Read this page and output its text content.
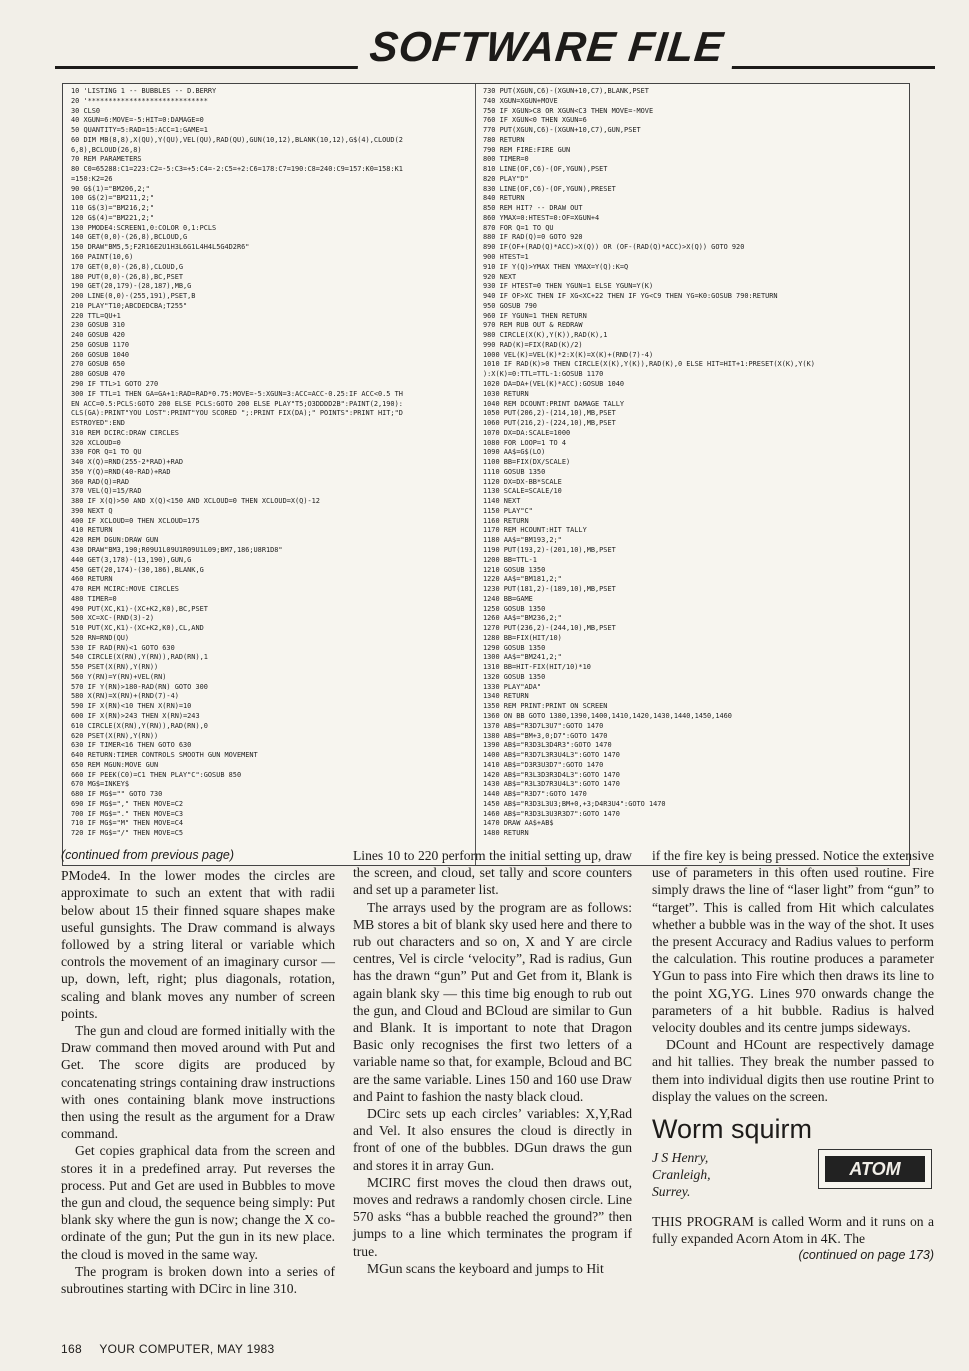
SOFTWARE FILE
10 'LISTING 1 -- BUBBLES -- D.BERRY
20 '*****************************
30 CLS0
40 XGUN=6:MOVE=-5:HIT=0:DAMAGE=0
50 QUANTITY=5:RAD=15:ACC=1:GAME=1
60 DIM MB(8,8),X(QU),Y(QU),VEL(QU),RAD(QU),GUN(10,12),BLANK(10,12),G$(4),CLOUD(2
6,8),BCLOUD(26,8)
70 REM PARAMETERS
80 C0=65288:C1=223:C2=-5:C3=+5:C4=-2:C5=+2:C6=178:C7=190:C8=240:C9=157:K0=158:K1
=150:K2=26
90 G$(1)="BM206,2;"
100 G$(2)="BM211,2;"
110 G$(3)="BM216,2;"
120 G$(4)="BM221,2;"
130 PMODE4:SCREEN1,0:COLOR 0,1:PCLS
140 GET(0,0)-(26,8),BCLOUD,G
150 DRAW"BM5,5;F2R16E2U1H3L6G1L4H4L5G4D2R6"
160 PAINT(10,6)
170 GET(0,0)-(26,8),CLOUD,G
180 PUT(0,0)-(26,8),BC,PSET
190 GET(20,179)-(28,187),MB,G
200 LINE(0,0)-(255,191),PSET,B
210 PLAY"T10;ABCDEDCBA;T255"
220 TTL=QU+1
230 GOSUB 310
240 GOSUB 420
250 GOSUB 1170
260 GOSUB 1040
270 GOSUB 650
280 GOSUB 470
290 IF TTL>1 GOTO 270
300 IF TTL=1 THEN GA=GA+1:RAD=RAD*0.75:MOVE=-5:XGUN=3:ACC=ACC-0.25:IF ACC<0.5 TH
EN ACC=0.5:PCLS:GOTO 200 ELSE PCLS:GOTO 200 ELSE PLAY"T5;O3DDDD2B":PAINT(2,190):
CLS(GA):PRINT"YOU LOST":PRINT"YOU SCORED ";:PRINT FIX(DA);" POINTS":PRINT HIT;"D
ESTROYED":END
310 REM DCIRC:DRAW CIRCLES
320 XCLOUD=0
330 FOR Q=1 TO QU
340 X(Q)=RND(255-2*RAD)+RAD
350 Y(Q)=RND(40-RAD)+RAD
360 RAD(Q)=RAD
370 VEL(Q)=15/RAD
380 IF X(Q)>50 AND X(Q)<150 AND XCLOUD=0 THEN XCLOUD=X(Q)-12
390 NEXT Q
400 IF XCLOUD=0 THEN XCLOUD=175
410 RETURN
420 REM DGUN:DRAW GUN
430 DRAW"BM3,190;R09U1L09U1R09U1L09;BM7,186;U8R1D8"
440 GET(3,178)-(13,190),GUN,G
450 GET(20,174)-(30,186),BLANK,G
460 RETURN
470 REM MCIRC:MOVE CIRCLES
480 TIMER=0
490 PUT(XC,K1)-(XC+K2,K0),BC,PSET
500 XC=XC-(RND(3)-2)
510 PUT(XC,K1)-(XC+K2,K0),CL,AND
520 RN=RND(QU)
530 IF RAD(RN)<1 GOTO 630
540 CIRCLE(X(RN),Y(RN)),RAD(RN),1
550 PSET(X(RN),Y(RN))
560 Y(RN)=Y(RN)+VEL(RN)
570 IF Y(RN)>180-RAD(RN) GOTO 300
580 X(RN)=X(RN)+(RND(7)-4)
590 IF X(RN)<10 THEN X(RN)=10
600 IF X(RN)>243 THEN X(RN)=243
610 CIRCLE(X(RN),Y(RN)),RAD(RN),0
620 PSET(X(RN),Y(RN))
630 IF TIMER<16 THEN GOTO 630
640 RETURN:TIMER CONTROLS SMOOTH GUN MOVEMENT
650 REM MGUN:MOVE GUN
660 IF PEEK(C0)=C1 THEN PLAY"C":GOSUB 850
670 MG$=INKEY$
680 IF MG$="" GOTO 730
690 IF MG$="," THEN MOVE=C2
700 IF MG$="." THEN MOVE=C3
710 IF MG$="M" THEN MOVE=C4
720 IF MG$="/" THEN MOVE=C5
730 PUT(XGUN,C6)-(XGUN+10,C7),BLANK,PSET
740 XGUN=XGUN+MOVE
750 IF XGUN>C8 OR XGUN<C3 THEN MOVE=-MOVE
760 IF XGUN<0 THEN XGUN=6
770 PUT(XGUN,C6)-(XGUN+10,C7),GUN,PSET
780 RETURN
790 REM FIRE:FIRE GUN
800 TIMER=0
810 LINE(OF,C6)-(OF,YGUN),PSET
820 PLAY"D"
830 LINE(OF,C6)-(OF,YGUN),PRESET
840 RETURN
850 REM HIT? -- DRAW OUT
860 YMAX=0:HTEST=0:OF=XGUN+4
870 FOR Q=1 TO QU
880 IF RAD(Q)=0 GOTO 920
890 IF(OF+(RAD(Q)*ACC)>X(Q)) OR (OF-(RAD(Q)*ACC)>X(Q)) GOTO 920
900 HTEST=1
910 IF Y(Q)>YMAX THEN YMAX=Y(Q):K=Q
920 NEXT
930 IF HTEST=0 THEN YGUN=1 ELSE YGUN=Y(K)
940 IF OF>XC THEN IF XG<XC+22 THEN IF YG<C9 THEN YG=K0:GOSUB 790:RETURN
950 GOSUB 790
960 IF YGUN=1 THEN RETURN
970 REM RUB OUT & REDRAW
980 CIRCLE(X(K),Y(K)),RAD(K),1
990 RAD(K)=FIX(RAD(K)/2)
1000 VEL(K)=VEL(K)*2:X(K)=X(K)+(RND(7)-4)
1010 IF RAD(K)>0 THEN CIRCLE(X(K),Y(K)),RAD(K),0 ELSE HIT=HIT+1:PRESET(X(K),Y(K)
):X(K)=0:TTL=TTL-1:GOSUB 1170
1020 DA=DA+(VEL(K)*ACC):GOSUB 1040
1030 RETURN
1040 REM DCOUNT:PRINT DAMAGE TALLY
1050 PUT(206,2)-(214,10),MB,PSET
1060 PUT(216,2)-(224,10),MB,PSET
1070 DX=DA:SCALE=1000
1080 FOR LOOP=1 TO 4
1090 AA$=G$(LO)
1100 BB=FIX(DX/SCALE)
1110 GOSUB 1350
1120 DX=DX-BB*SCALE
1130 SCALE=SCALE/10
1140 NEXT
1150 PLAY"C"
1160 RETURN
1170 REM HCOUNT:HIT TALLY
1180 AA$="BM193,2;"
1190 PUT(193,2)-(201,10),MB,PSET
1200 BB=TTL-1
1210 GOSUB 1350
1220 AA$="BM181,2;"
1230 PUT(181,2)-(189,10),MB,PSET
1240 BB=GAME
1250 GOSUB 1350
1260 AA$="BM236,2;"
1270 PUT(236,2)-(244,10),MB,PSET
1280 BB=FIX(HIT/10)
1290 GOSUB 1350
1300 AA$="BM241,2;"
1310 BB=HIT-FIX(HIT/10)*10
1320 GOSUB 1350
1330 PLAY"ADA"
1340 RETURN
1350 REM PRINT:PRINT ON SCREEN
1360 ON BB GOTO 1380,1390,1400,1410,1420,1430,1440,1450,1460
1370 AB$="R3D7L3U7":GOTO 1470
1380 AB$="BM+3,0;D7":GOTO 1470
1390 AB$="R3D3L3D4R3":GOTO 1470
1400 AB$="R3D7L3R3U4L3":GOTO 1470
1410 AB$="D3R3U3D7":GOTO 1470
1420 AB$="R3L3D3R3D4L3":GOTO 1470
1430 AB$="R3L3D7R3U4L3":GOTO 1470
1440 AB$="R3D7":GOTO 1470
1450 AB$="R3D3L3U3;BM+0,+3;D4R3U4":GOTO 1470
1460 AB$="R3D3L3U3R3D7":GOTO 1470
1470 DRAW AA$+AB$
1480 RETURN
(continued from previous page)

PMode4. In the lower modes the circles are approximate to such an extent that with radii below about 15 their finned square shapes make useful gunsights. The Draw command is always followed by a string literal or variable which controls the movement of an imaginary cursor — up, down, left, right; plus diagonals, rotation, scaling and blank moves any number of screen points.

The gun and cloud are formed initially with the Draw command then moved around with Put and Get. The score digits are produced by concatenating strings containing draw instructions with ones containing blank move instructions then using the result as the argument for a Draw command.

Get copies graphical data from the screen and stores it in a predefined array. Put reverses the process. Put and Get are used in Bubbles to move the gun and cloud, the sequence being simply: Put blank sky where the gun is now; change the X co-ordinate of the gun; Put the gun in its new place. the cloud is moved in the same way.

The program is broken down into a series of subroutines starting with DCirc in line 310.

Lines 10 to 220 perform the initial setting up, draw the screen, and cloud, set tally and score counters and set up a parameter list.

The arrays used by the program are as follows: MB stores a bit of blank sky used here and there to rub out characters and so on, X and Y are circle centres, Vel is circle ‘velocity”, Rad is radius, Gun has the drawn “gun” Put and Get from it, Blank is again blank sky — this time big enough to rub out the gun, and Cloud and BCloud are similar to Gun and Blank. It is important to note that Dragon Basic only recognises the first two letters of a variable name so that, for example, Bcloud and BC are the same variable. Lines 150 and 160 use Draw and Paint to fashion the nasty black cloud.

DCirc sets up each circles’ variables: X,Y,Rad and Vel. It also ensures the cloud is directly in front of one of the bubbles. DGun draws the gun and stores it in array Gun.

MCIRC first moves the cloud then draws out, moves and redraws a randomly chosen circle. Line 570 asks “has a bubble reached the ground?” then jumps to a line which terminates the program if true.

MGun scans the keyboard and jumps to Hit

if the fire key is being pressed. Notice the extensive use of parameters in this often used routine. Fire simply draws the line of “laser light” from “gun” to “target”. This is called from Hit which calculates whether a bubble was in the way of the shot. It uses the present Accuracy and Radius values to perform the calculation. This routine produces a parameter YGun to pass into Fire which then draws its line to the point XG,YG. Lines 970 onwards change the parameters of a hit bubble. Radius is halved velocity doubles and its centre jumps sideways.

DCount and HCount are respectively damage and hit tallies. They break the number passed to them into individual digits then use routine Print to display the values on the screen.

Worm squirm
J S Henry,
Cranleigh,
Surrey.
ATOM

THIS PROGRAM is called Worm and it runs on a fully expanded Acorn Atom in 4K. The

(continued on page 173)
168 YOUR COMPUTER, MAY 1983
